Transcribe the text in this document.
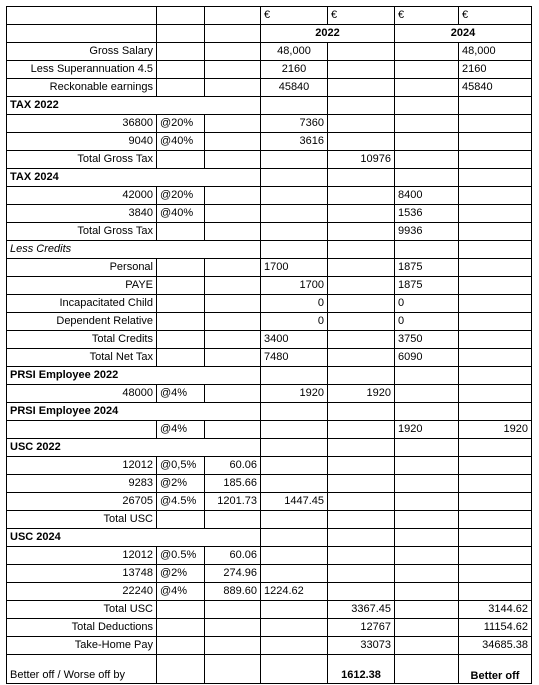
			€	€	€	€
			2022		2024	
Gross Salary			48,000			48,000
Less Superannuation 4.5			2160			2160
Reckonable earnings			45840			45840
TAX 2022						
36800	@20%		7360			
9040	@40%		3616			
Total Gross Tax				10976		
TAX 2024						
42000	@20%				8400	
3840	@40%				1536	
Total Gross Tax					9936	
Less Credits						
Personal			1700		1875	
PAYE			1700		1875	
Incapacitated Child			0		0	
Dependent Relative			0		0	
Total Credits			3400		3750	
Total Net Tax			7480		6090	
PRSI Employee 2022						
48000	@4%		1920	1920		
PRSI Employee 2024						
	@4%				1920	1920
USC 2022						
12012	@0,5%	60.06				
9283	@2%	185.66				
26705	@4.5%	1201.73	1447.45			
Total USC						
USC 2024						
12012	@0.5%	60.06				
13748	@2%	274.96				
22240	@4%	889.60	1224.62			
Total USC				3367.45		3144.62
Total Deductions				12767		11154.62
Take-Home Pay				33073		34685.38
Better off / Worse off by				1612.38		Better off
